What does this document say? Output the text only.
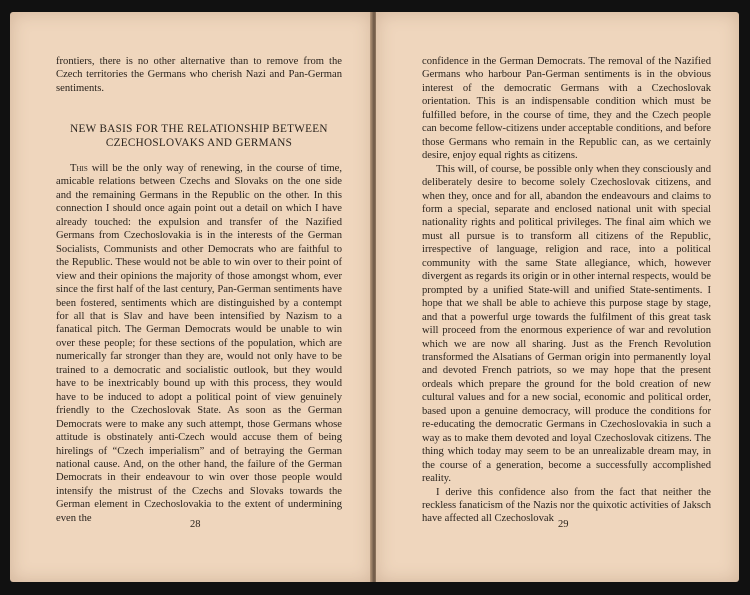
frontiers, there is no other alternative than to remove from the Czech territories the Germans who cherish Nazi and Pan-German sentiments.

NEW BASIS FOR THE RELATIONSHIP BETWEEN CZECHOSLOVAKS AND GERMANS

This will be the only way of renewing, in the course of time, amicable relations between Czechs and Slovaks on the one side and the remaining Germans in the Republic on the other. In this connection I should once again point out a detail on which I have already touched: the expulsion and transfer of the Nazified Germans from Czechoslovakia is in the interests of the German Socialists, Communists and other Democrats who are faithful to the Republic. These would not be able to win over to their point of view and their opinions the majority of those amongst whom, ever since the first half of the last century, Pan-German sentiments have been fostered, sentiments which are distinguished by a contempt for all that is Slav and have been intensified by Nazism to a fanatical pitch. The German Democrats would be unable to win over these people; for these sections of the population, which are numerically far stronger than they are, would not only have to be trained to a democratic and socialistic outlook, but they would have to be inextricably bound up with this process, they would have to be induced to adopt a political point of view genuinely friendly to the Czechoslovak State. As soon as the German Democrats were to make any such attempt, those Germans whose attitude is obstinately anti-Czech would accuse them of being hirelings of “Czech imperialism” and of betraying the German national cause. And, on the other hand, the failure of the German Democrats in their endeavour to win over those people would intensify the mistrust of the Czechs and Slovaks towards the German element in Czechoslovakia to the extent of undermining even the

28

confidence in the German Democrats. The removal of the Nazified Germans who harbour Pan-German sentiments is in the obvious interest of the democratic Germans with a Czechoslovak orientation. This is an indispensable condition which must be fulfilled before, in the course of time, they and the Czech people can become fellow-citizens under acceptable conditions, and before those Germans who remain in the Republic can, as we certainly desire, enjoy equal rights as citizens.

This will, of course, be possible only when they consciously and deliberately desire to become solely Czechoslovak citizens, and when they, once and for all, abandon the endeavours and claims to form a special, separate and enclosed national unit with special nationality rights and political privileges. The final aim which we must all pursue is to transform all citizens of the Republic, irrespective of language, religion and race, into a political community with the same State allegiance, which, however divergent as regards its origin or in other internal respects, would be prompted by a unified State-will and unified State-sentiments. I hope that we shall be able to achieve this purpose stage by stage, and that a powerful urge towards the fulfilment of this great task will proceed from the enormous experience of war and revolution which we are now all sharing. Just as the French Revolution transformed the Alsatians of German origin into permanently loyal and devoted French patriots, so we may hope that the present ordeals which prepare the ground for the bold creation of new cultural values and for a new social, economic and political order, based upon a genuine democracy, will produce the conditions for re-educating the democratic Germans in Czechoslovakia in such a way as to make them devoted and loyal Czechoslovak citizens. The thing which today may seem to be an unrealizable dream may, in the course of a generation, become a successfully accomplished reality.

I derive this confidence also from the fact that neither the reckless fanaticism of the Nazis nor the quixotic activities of Jaksch have affected all Czechoslovak

29
